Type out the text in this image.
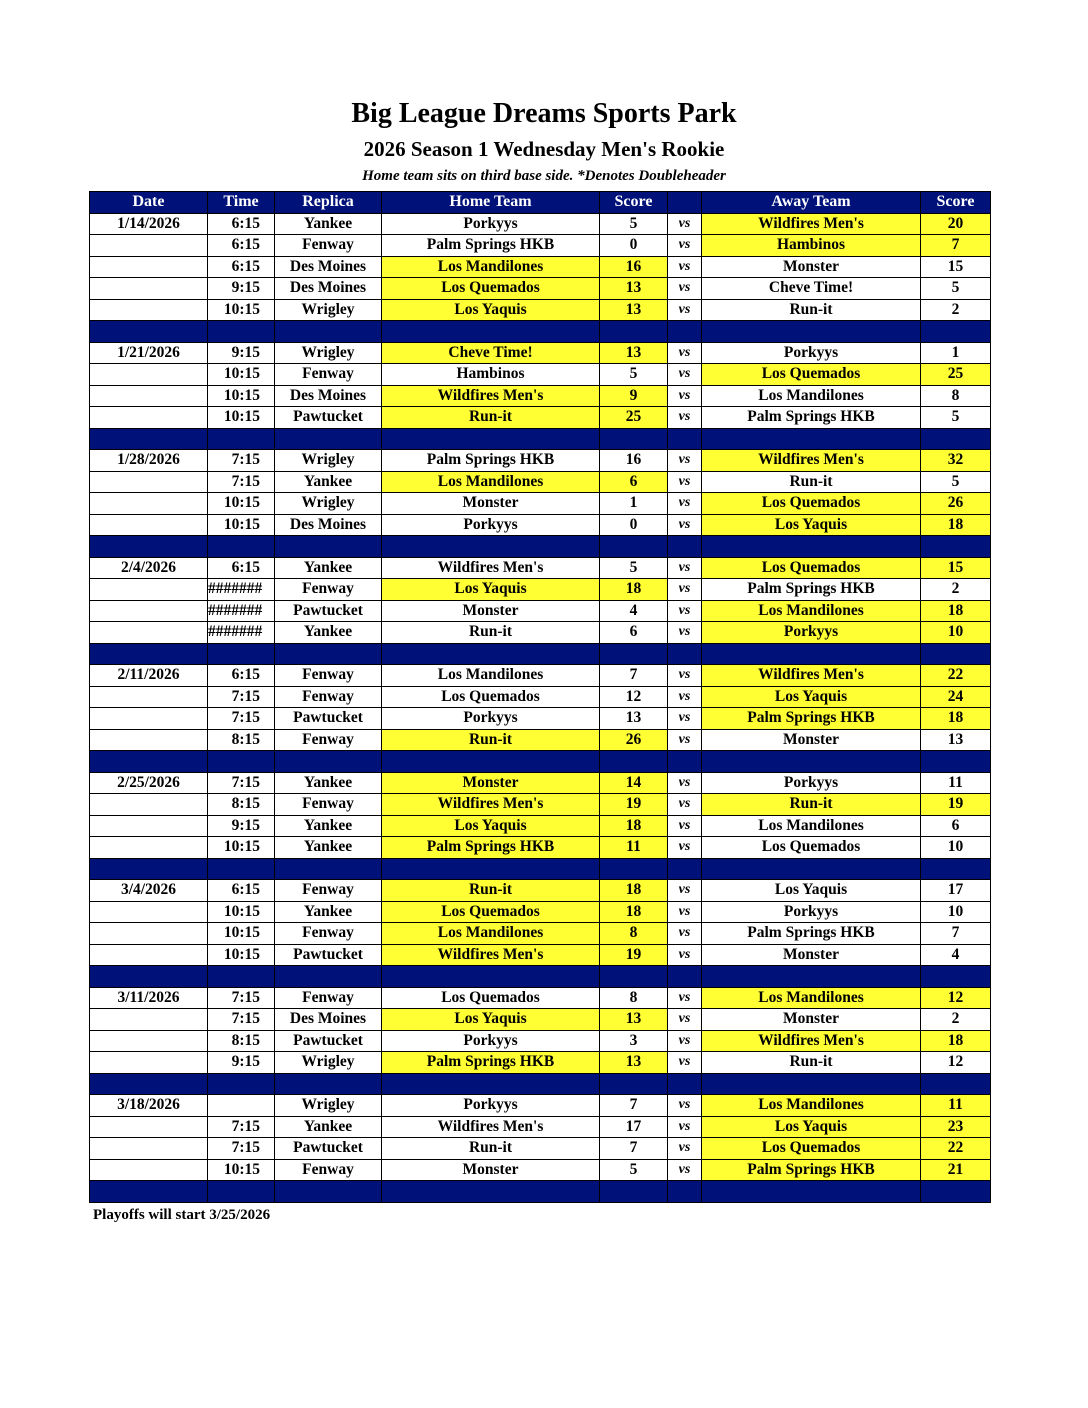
Big League Dreams Sports Park
2026 Season 1 Wednesday Men's Rookie
Home team sits on third base side. *Denotes Doubleheader
Date	Time	Replica	Home Team	Score		Away Team	Score
1/14/2026	6:15	Yankee	Porkyys	5	vs	Wildfires Men's	20
	6:15	Fenway	Palm Springs HKB	0	vs	Hambinos	7
	6:15	Des Moines	Los Mandilones	16	vs	Monster	15
	9:15	Des Moines	Los Quemados	13	vs	Cheve Time!	5
	10:15	Wrigley	Los Yaquis	13	vs	Run-it	2

1/21/2026	9:15	Wrigley	Cheve Time!	13	vs	Porkyys	1
	10:15	Fenway	Hambinos	5	vs	Los Quemados	25
	10:15	Des Moines	Wildfires Men's	9	vs	Los Mandilones	8
	10:15	Pawtucket	Run-it	25	vs	Palm Springs HKB	5

1/28/2026	7:15	Wrigley	Palm Springs HKB	16	vs	Wildfires Men's	32
	7:15	Yankee	Los Mandilones	6	vs	Run-it	5
	10:15	Wrigley	Monster	1	vs	Los Quemados	26
	10:15	Des Moines	Porkyys	0	vs	Los Yaquis	18

2/4/2026	6:15	Yankee	Wildfires Men's	5	vs	Los Quemados	15
	#######	Fenway	Los Yaquis	18	vs	Palm Springs HKB	2
	#######	Pawtucket	Monster	4	vs	Los Mandilones	18
	#######	Yankee	Run-it	6	vs	Porkyys	10

2/11/2026	6:15	Fenway	Los Mandilones	7	vs	Wildfires Men's	22
	7:15	Fenway	Los Quemados	12	vs	Los Yaquis	24
	7:15	Pawtucket	Porkyys	13	vs	Palm Springs HKB	18
	8:15	Fenway	Run-it	26	vs	Monster	13

2/25/2026	7:15	Yankee	Monster	14	vs	Porkyys	11
	8:15	Fenway	Wildfires Men's	19	vs	Run-it	19
	9:15	Yankee	Los Yaquis	18	vs	Los Mandilones	6
	10:15	Yankee	Palm Springs HKB	11	vs	Los Quemados	10

3/4/2026	6:15	Fenway	Run-it	18	vs	Los Yaquis	17
	10:15	Yankee	Los Quemados	18	vs	Porkyys	10
	10:15	Fenway	Los Mandilones	8	vs	Palm Springs HKB	7
	10:15	Pawtucket	Wildfires Men's	19	vs	Monster	4

3/11/2026	7:15	Fenway	Los Quemados	8	vs	Los Mandilones	12
	7:15	Des Moines	Los Yaquis	13	vs	Monster	2
	8:15	Pawtucket	Porkyys	3	vs	Wildfires Men's	18
	9:15	Wrigley	Palm Springs HKB	13	vs	Run-it	12

3/18/2026		Wrigley	Porkyys	7	vs	Los Mandilones	11
	7:15	Yankee	Wildfires Men's	17	vs	Los Yaquis	23
	7:15	Pawtucket	Run-it	7	vs	Los Quemados	22
	10:15	Fenway	Monster	5	vs	Palm Springs HKB	21

Playoffs will start 3/25/2026
